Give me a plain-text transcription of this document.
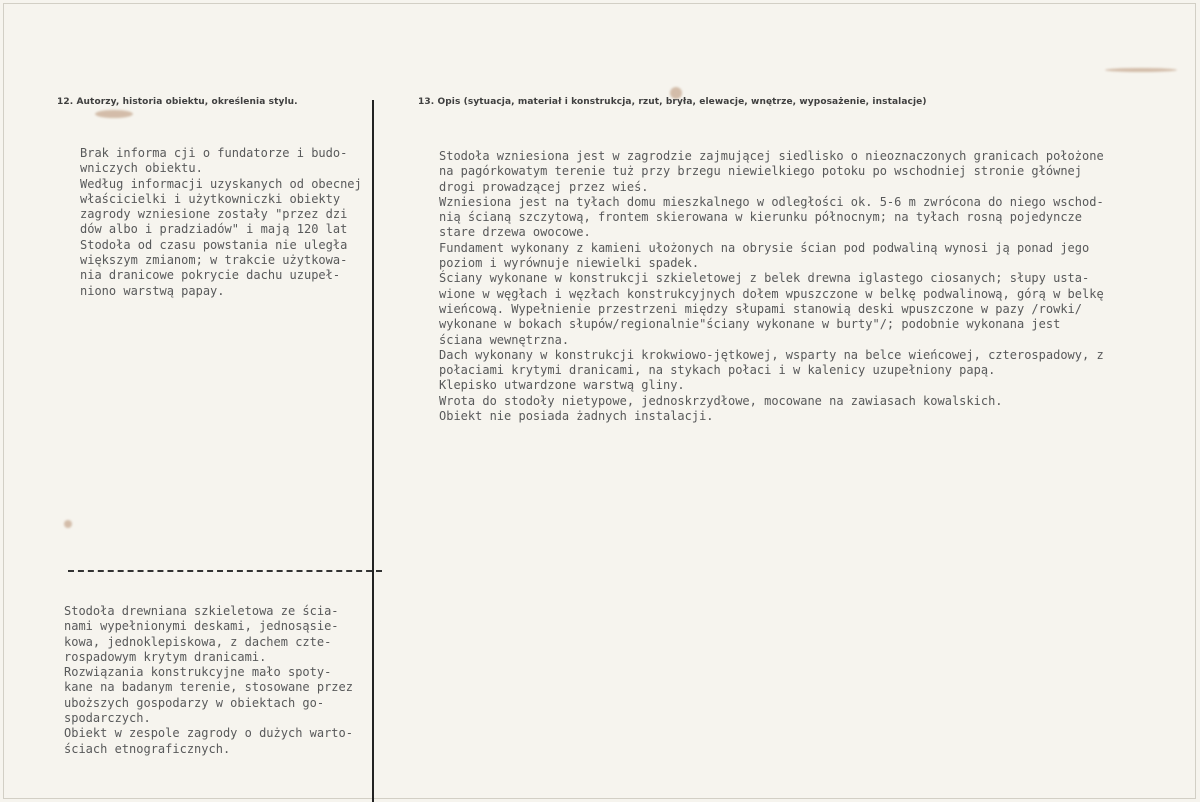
12. Autorzy, historia obiektu, określenia stylu.	13. Opis (sytuacja, materiał i konstrukcja, rzut, bryła, elewacje, wnętrze, wyposażenie, instalacje)
Brak informa cji o fundatorze i budo-
wniczych obiektu.
Według informacji uzyskanych od obecnej
właścicielki i użytkowniczki obiekty
zagrody wzniesione zostały "przez dzi
dów albo i pradziadów" i mają 120 lat
Stodoła od czasu powstania nie uległa
większym zmianom; w trakcie użytkowa-
nia dranicowe pokrycie dachu uzupeł-
niono warstwą papay.
Stodoła drewniana szkieletowa ze ścia-
nami wypełnionymi deskami, jednosąsie-
kowa, jednoklepiskowa, z dachem czte-
rospadowym krytym dranicami.
Rozwiązania konstrukcyjne mało spoty-
kane na badanym terenie, stosowane przez
uboższych gospodarzy w obiektach go-
spodarczych.
Obiekt w zespole zagrody o dużych warto-
ściach etnograficznych.
Stodoła wzniesiona jest w zagrodzie zajmującej siedlisko o nieoznaczonych granicach położone
na pagórkowatym terenie tuż przy brzegu niewielkiego potoku po wschodniej stronie głównej
drogi prowadzącej przez wieś.
Wzniesiona jest na tyłach domu mieszkalnego w odległości ok. 5-6 m zwrócona do niego wschod-
nią ścianą szczytową, frontem skierowana w kierunku północnym; na tyłach rosną pojedyncze
stare drzewa owocowe.
Fundament wykonany z kamieni ułożonych na obrysie ścian pod podwaliną wynosi ją ponad jego
poziom i wyrównuje niewielki spadek.
Ściany wykonane w konstrukcji szkieletowej z belek drewna iglastego ciosanych; słupy usta-
wione w węgłach i węzłach konstrukcyjnych dołem wpuszczone w belkę podwalinową, górą w belkę
wieńcową. Wypełnienie przestrzeni między słupami stanowią deski wpuszczone w pazy /rowki/
wykonane w bokach słupów/regionalnie"ściany wykonane w burty"/; podobnie wykonana jest
ściana wewnętrzna.
Dach wykonany w konstrukcji krokwiowo-jętkowej, wsparty na belce wieńcowej, czterospadowy, z
połaciami krytymi dranicami, na stykach połaci i w kalenicy uzupełniony papą.
Klepisko utwardzone warstwą gliny.
Wrota do stodoły nietypowe, jednoskrzydłowe, mocowane na zawiasach kowalskich.
Obiekt nie posiada żadnych instalacji.
